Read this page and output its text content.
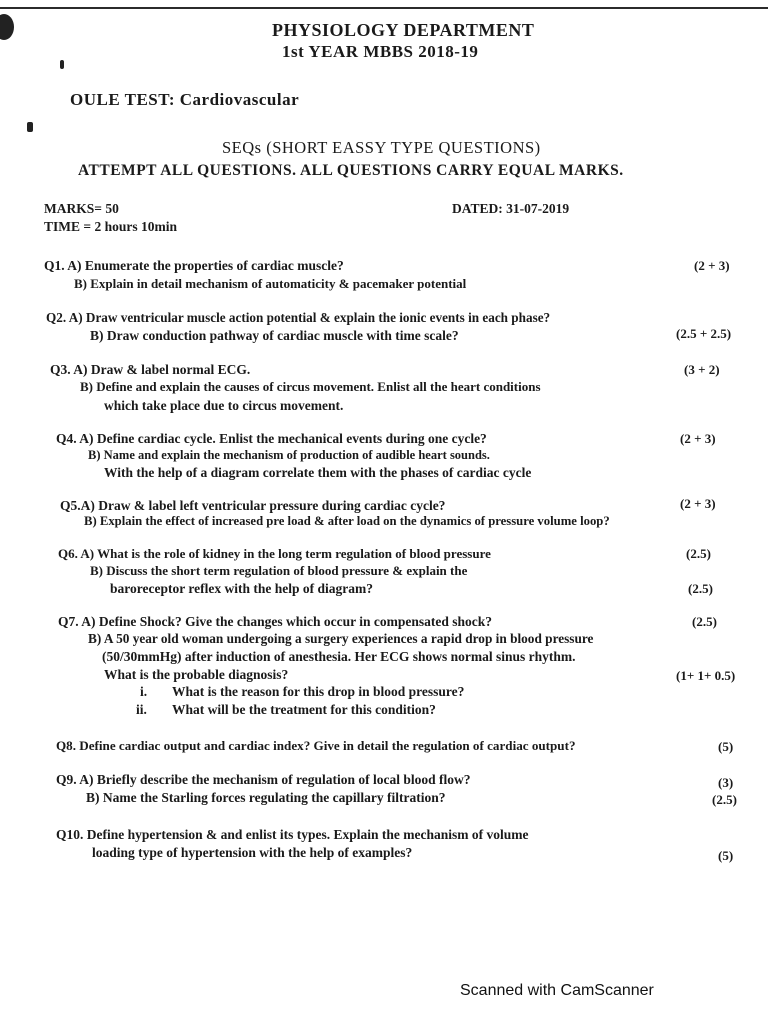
PHYSIOLOGY DEPARTMENT
1st YEAR MBBS 2018-19
OULE TEST: Cardiovascular
SEQs (SHORT EASSY TYPE QUESTIONS)
ATTEMPT ALL QUESTIONS. ALL QUESTIONS CARRY EQUAL MARKS.
MARKS= 50
TIME = 2 hours 10min
DATED: 31-07-2019
Q1. A) Enumerate the properties of cardiac muscle?	(2 + 3)
B) Explain in detail mechanism of automaticity & pacemaker potential
Q2. A) Draw ventricular muscle action potential & explain the ionic events in each phase?
B) Draw conduction pathway of cardiac muscle with time scale?	(2.5 + 2.5)
Q3. A) Draw & label normal ECG.	(3 + 2)
B) Define and explain the causes of circus movement. Enlist all the heart conditions
which take place due to circus movement.
Q4. A) Define cardiac cycle. Enlist the mechanical events during one cycle?	(2 + 3)
B) Name and explain the mechanism of production of audible heart sounds.
With the help of a diagram correlate them with the phases of cardiac cycle
Q5.A) Draw & label left ventricular pressure during cardiac cycle?	(2 + 3)
B) Explain the effect of increased pre load & after load on the dynamics of pressure volume loop?
Q6. A) What is the role of kidney in the long term regulation of blood pressure	(2.5)
B) Discuss the short term regulation of blood pressure & explain the
baroreceptor reflex with the help of diagram?	(2.5)
Q7. A) Define Shock? Give the changes which occur in compensated shock?	(2.5)
B) A 50 year old woman undergoing a surgery experiences a rapid drop in blood pressure
(50/30mmHg) after induction of anesthesia. Her ECG shows normal sinus rhythm.
What is the probable diagnosis?	(1+ 1+ 0.5)
i. What is the reason for this drop in blood pressure?
ii. What will be the treatment for this condition?
Q8. Define cardiac output and cardiac index? Give in detail the regulation of cardiac output?	(5)
Q9. A) Briefly describe the mechanism of regulation of local blood flow?	(3)
B) Name the Starling forces regulating the capillary filtration?	(2.5)
Q10. Define hypertension & and enlist its types. Explain the mechanism of volume
loading type of hypertension with the help of examples?	(5)
Scanned with CamScanner
